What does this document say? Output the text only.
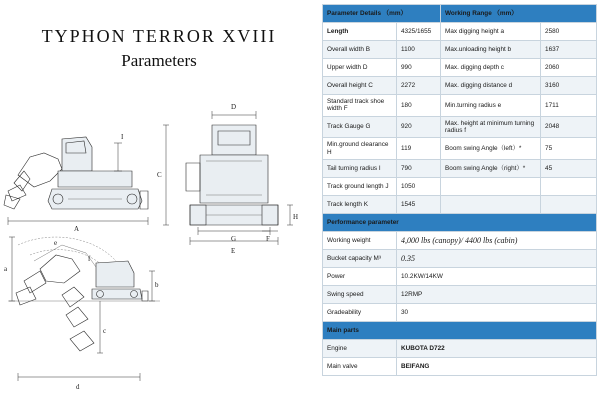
TYPHON TERROR XVIII
Parameters
I
A
e
f
a
b
c
d
D
C
E
G	F
H
Parameter Details （mm）		Working Range （mm）	
Length	4325/1655	Max digging height a	2580
Overall width B	1100	Max.unloading height b	1637
Upper width D	990	Max. digging depth c	2060
Overall height C	2272	Max. digging distance d	3160
Standard track shoe width F	180	Min.turning radius e	1711
Track Gauge G	920	Max. height at minimum turning radius f	2048
Min.ground clearance H	119	Boom swing Angle（left）*	75
Tail turning radius I	790	Boom swing Angle（right）*	45
Track ground length J	1050		
Track length K	1545		
Performance parameter			
Working weight	4,000 lbs (canopy)/ 4400 lbs (cabin)		
Bucket capacity M³	0.35		
Power	10.2KW/14KW		
Swing speed	12RMP		
Gradeability	30		
Main parts			
Engine	KUBOTA D722		
Main valve	BEIFANG		
